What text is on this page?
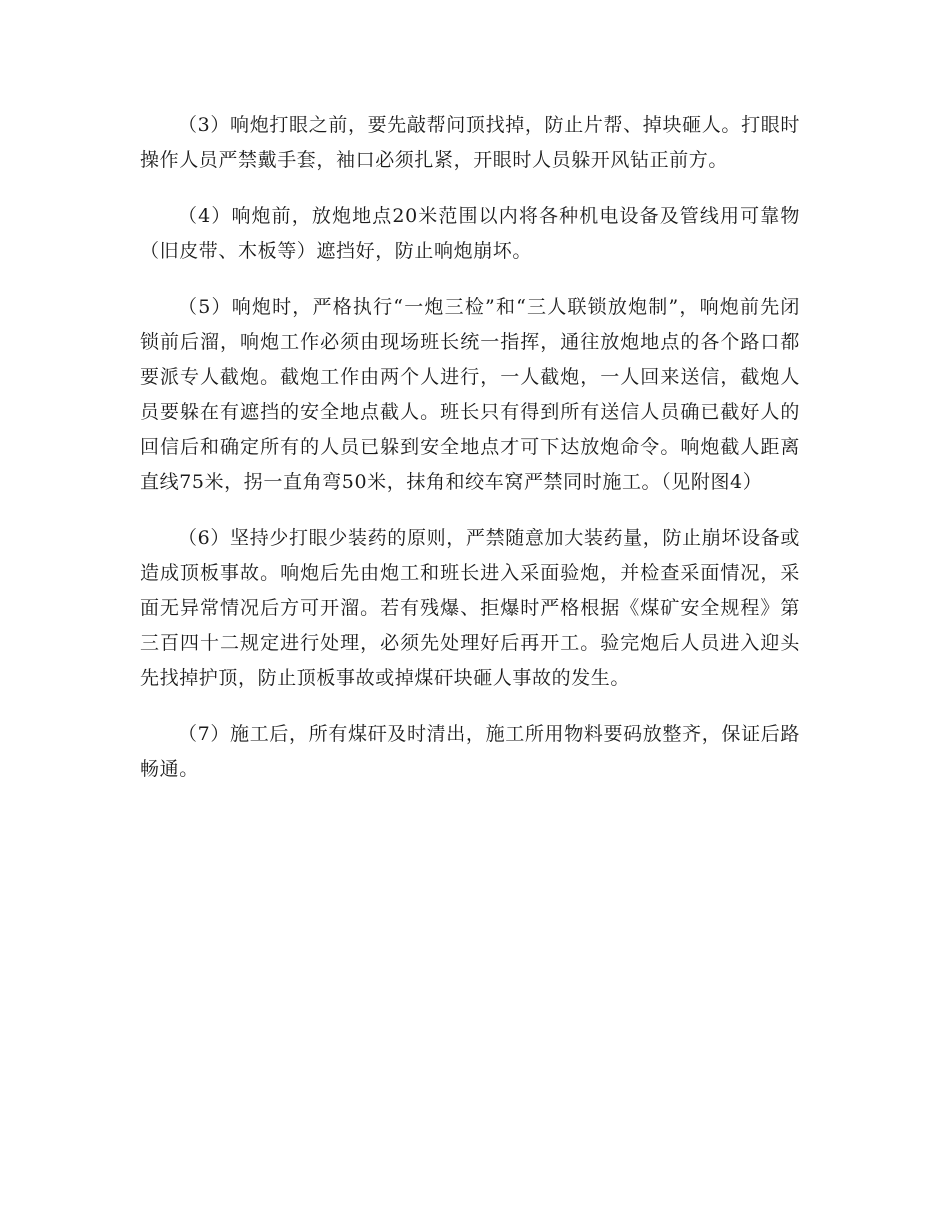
（3）响炮打眼之前，要先敲帮问顶找掉，防止片帮、掉块砸人。打眼时操作人员严禁戴手套，袖口必须扎紧，开眼时人员躲开风钻正前方。

（4）响炮前，放炮地点20米范围以内将各种机电设备及管线用可靠物（旧皮带、木板等）遮挡好，防止响炮崩坏。

（5）响炮时，严格执行“一炮三检”和“三人联锁放炮制”，响炮前先闭锁前后溜，响炮工作必须由现场班长统一指挥，通往放炮地点的各个路口都要派专人截炮。截炮工作由两个人进行，一人截炮，一人回来送信，截炮人员要躲在有遮挡的安全地点截人。班长只有得到所有送信人员确已截好人的回信后和确定所有的人员已躲到安全地点才可下达放炮命令。响炮截人距离直线75米，拐一直角弯50米，抹角和绞车窝严禁同时施工。（见附图4）

（6）坚持少打眼少装药的原则，严禁随意加大装药量，防止崩坏设备或造成顶板事故。响炮后先由炮工和班长进入采面验炮，并检查采面情况，采面无异常情况后方可开溜。若有残爆、拒爆时严格根据《煤矿安全规程》第三百四十二规定进行处理，必须先处理好后再开工。验完炮后人员进入迎头先找掉护顶，防止顶板事故或掉煤矸块砸人事故的发生。

（7）施工后，所有煤矸及时清出，施工所用物料要码放整齐，保证后路畅通。
